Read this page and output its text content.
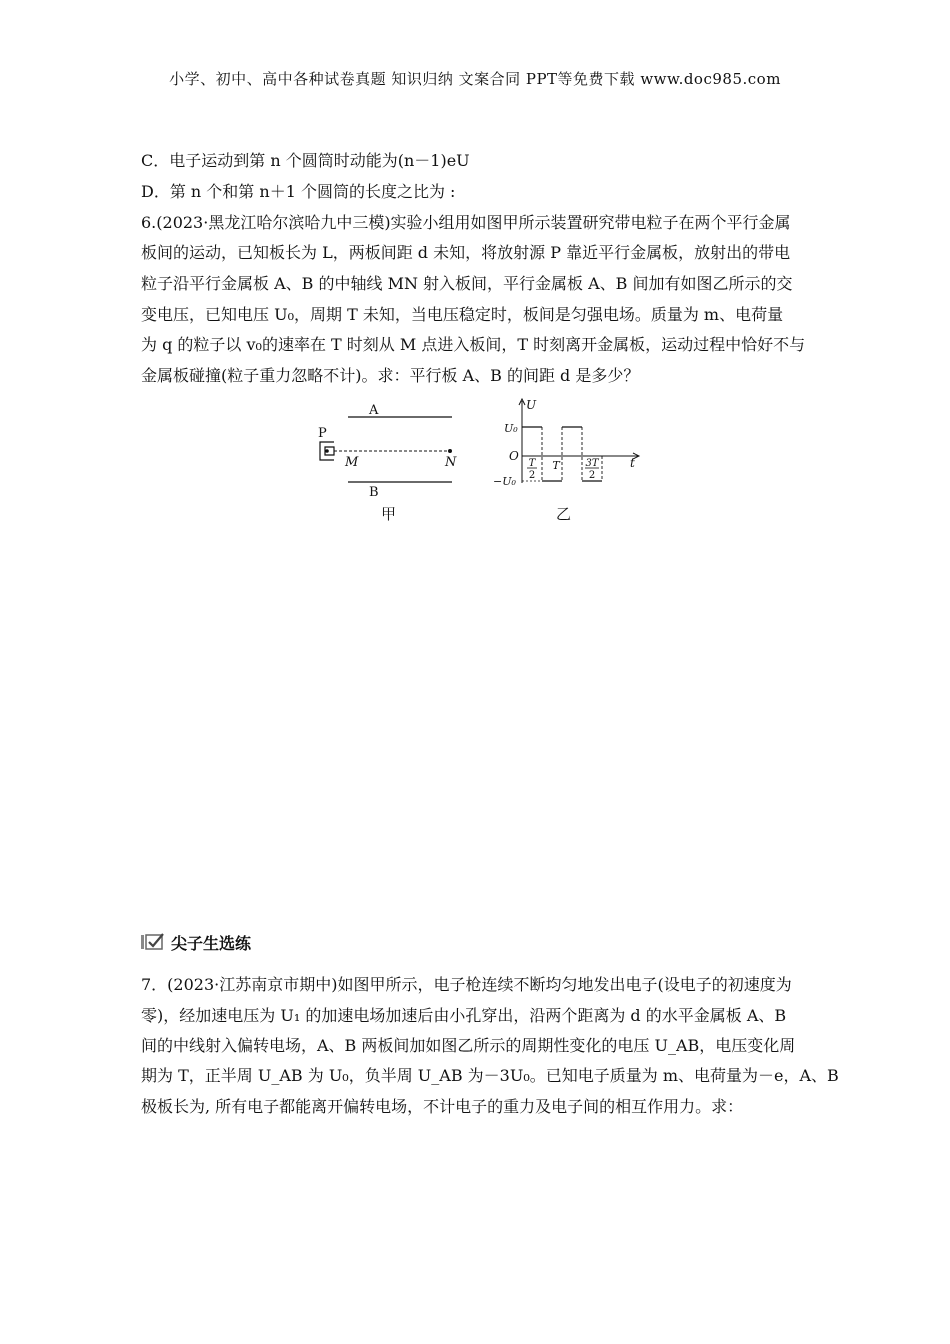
小学、初中、高中各种试卷真题 知识归纳 文案合同 PPT等免费下载 www.doc985.com
C．电子运动到第 n 个圆筒时动能为(n－1)eU
D．第 n 个和第 n＋1 个圆筒的长度之比为 :
6.(2023·黑龙江哈尔滨哈九中三模)实验小组用如图甲所示装置研究带电粒子在两个平行金属
板间的运动，已知板长为 L，两板间距 d 未知，将放射源 P 靠近平行金属板，放射出的带电
粒子沿平行金属板 A、B 的中轴线 MN 射入板间，平行金属板 A、B 间加有如图乙所示的交
变电压，已知电压 U₀，周期 T 未知，当电压稳定时，板间是匀强电场。质量为 m、电荷量
为 q 的粒子以 v₀的速率在 T 时刻从 M 点进入板间，T 时刻离开金属板，运动过程中恰好不与
金属板碰撞(粒子重力忽略不计)。求：平行板 A、B 的间距 d 是多少？
A
B
P
M	N
甲
U
t
O
U₀
−U₀
T
2
T	3T
2
乙
尖子生选练
7．(2023·江苏南京市期中)如图甲所示，电子枪连续不断均匀地发出电子(设电子的初速度为
零)，经加速电压为 U₁ 的加速电场加速后由小孔穿出，沿两个距离为 d 的水平金属板 A、B
间的中线射入偏转电场，A、B 两板间加如图乙所示的周期性变化的电压 U_AB，电压变化周
期为 T，正半周 U_AB 为 U₀，负半周 U_AB 为－3U₀。已知电子质量为 m、电荷量为－e，A、B
极板长为, 所有电子都能离开偏转电场，不计电子的重力及电子间的相互作用力。求：
